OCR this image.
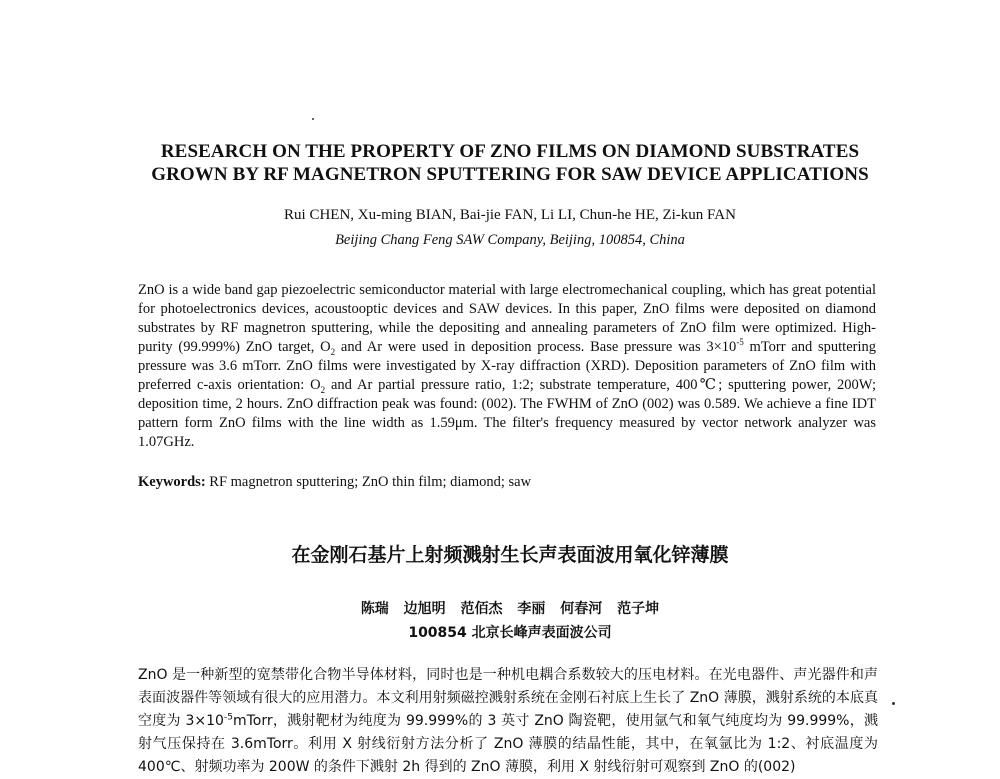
RESEARCH ON THE PROPERTY OF ZNO FILMS ON DIAMOND SUBSTRATES
GROWN BY RF MAGNETRON SPUTTERING FOR SAW DEVICE APPLICATIONS
Rui CHEN, Xu-ming BIAN, Bai-jie FAN, Li LI, Chun-he HE, Zi-kun FAN
Beijing Chang Feng SAW Company, Beijing, 100854, China
ZnO is a wide band gap piezoelectric semiconductor material with large electromechanical coupling, which has great potential for photoelectronics devices, acoustooptic devices and SAW devices. In this paper, ZnO films were deposited on diamond substrates by RF magnetron sputtering, while the depositing and annealing parameters of ZnO film were optimized. High-purity (99.999%) ZnO target, $O_2$ and Ar were used in deposition process. Base pressure was $3\times 10^{-5}$ mTorr and sputtering pressure was 3.6 mTorr. ZnO films were investigated by X-ray diffraction (XRD). Deposition parameters of ZnO film with preferred c-axis orientation: $O_2$ and Ar partial pressure ratio, 1:2; substrate temperature, 400℃; sputtering power, 200W; deposition time, 2 hours. ZnO diffraction peak was found: (002). The FWHM of ZnO (002) was 0.589. We achieve a fine IDT pattern form ZnO films with the line width as 1.59μm. The filter's frequency measured by vector network analyzer was 1.07GHz.
Keywords: RF magnetron sputtering; ZnO thin film; diamond; saw
在金刚石基片上射频溅射生长声表面波用氧化锌薄膜
陈瑞 边旭明 范佰杰 李丽 何春河 范子坤
100854 北京长峰声表面波公司
ZnO 是一种新型的宽禁带化合物半导体材料，同时也是一种机电耦合系数较大的压电材料。在光电器件、声光器件和声表面波器件等领域有很大的应用潜力。本文利用射频磁控溅射系统在金刚石衬底上生长了 ZnO 薄膜，溅射系统的本底真空度为 $3\times 10^{-5}mTorr$，溅射靶材为纯度为 99.999%的 3 英寸 ZnO 陶瓷靶，使用氩气和氧气纯度均为 99.999%，溅射气压保持在 3.6mTorr。利用 X 射线衍射方法分析了 ZnO 薄膜的结晶性能，其中，在氧氩比为 1:2、衬底温度为 400℃、射频功率为 200W 的条件下溅射 2h 得到的 ZnO 薄膜，利用 X 射线衍射可观察到 ZnO 的(002)
